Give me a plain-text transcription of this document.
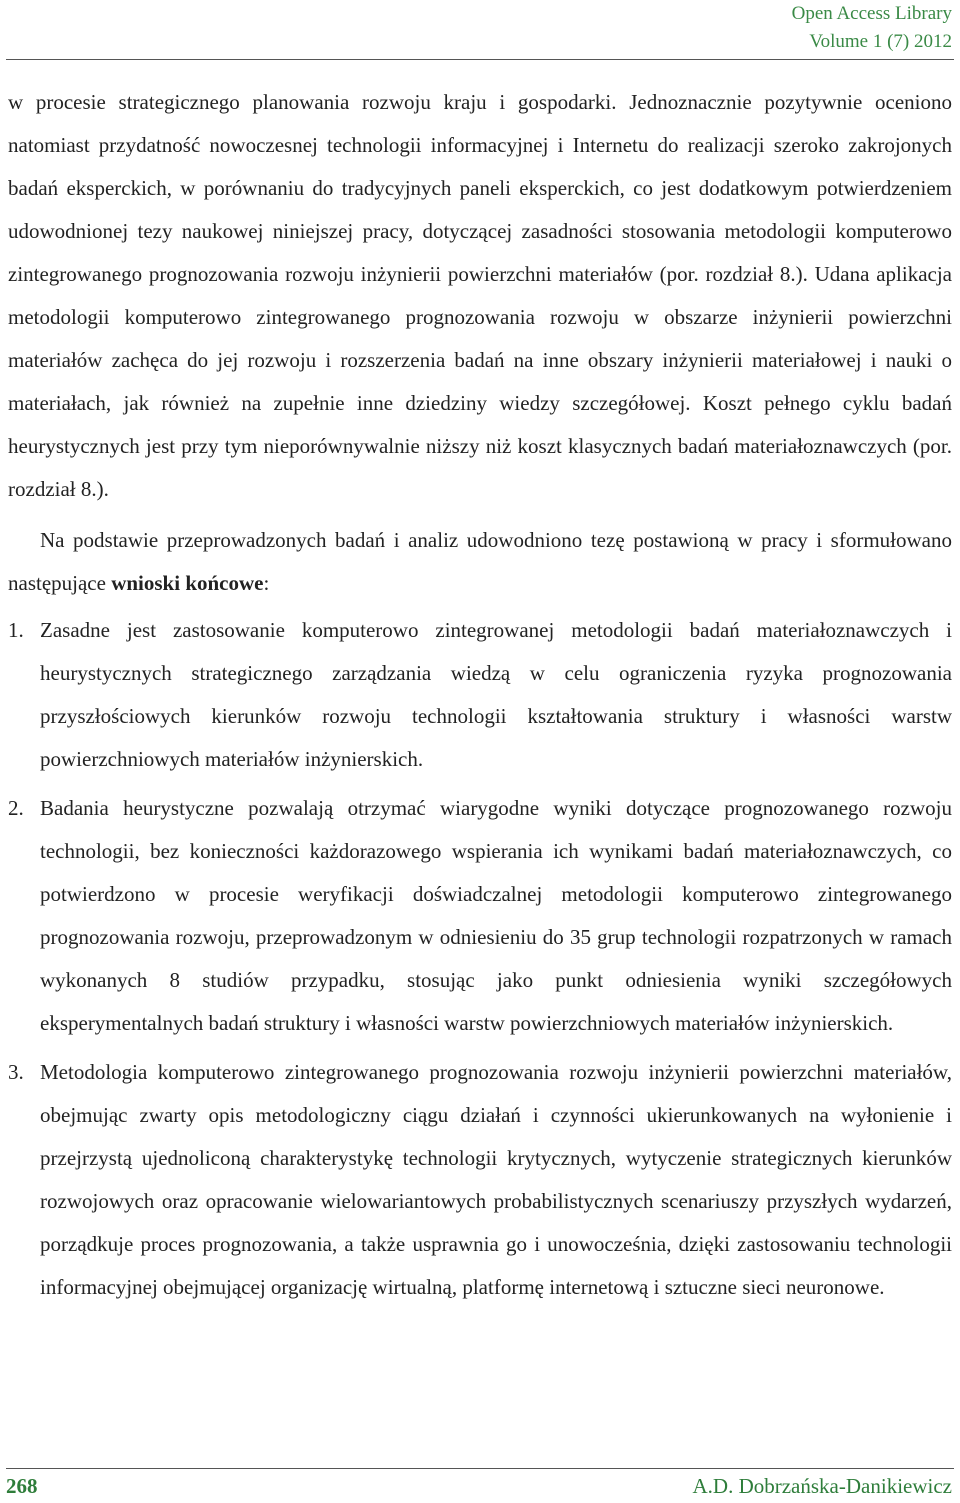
Open Access Library
Volume 1 (7) 2012

w procesie strategicznego planowania rozwoju kraju i gospodarki. Jednoznacznie pozytywnie oceniono natomiast przydatność nowoczesnej technologii informacyjnej i Internetu do realizacji szeroko zakrojonych badań eksperckich, w porównaniu do tradycyjnych paneli eksperckich, co jest dodatkowym potwierdzeniem udowodnionej tezy naukowej niniejszej pracy, dotyczącej zasadności stosowania metodologii komputerowo zintegrowanego prognozowania rozwoju inżynierii powierzchni materiałów (por. rozdział 8.). Udana aplikacja metodologii komputerowo zintegrowanego prognozowania rozwoju w obszarze inżynierii powierzchni materiałów zachęca do jej rozwoju i rozszerzenia badań na inne obszary inżynierii materiałowej i nauki o materiałach, jak również na zupełnie inne dziedziny wiedzy szczegółowej. Koszt pełnego cyklu badań heurystycznych jest przy tym nieporównywalnie niższy niż koszt klasycznych badań materiałoznawczych (por. rozdział 8.).

Na podstawie przeprowadzonych badań i analiz udowodniono tezę postawioną w pracy i sformułowano następujące wnioski końcowe:

1. Zasadne jest zastosowanie komputerowo zintegrowanej metodologii badań materiałoznawczych i heurystycznych strategicznego zarządzania wiedzą w celu ograniczenia ryzyka prognozowania przyszłościowych kierunków rozwoju technologii kształtowania struktury i własności warstw powierzchniowych materiałów inżynierskich.
2. Badania heurystyczne pozwalają otrzymać wiarygodne wyniki dotyczące prognozowanego rozwoju technologii, bez konieczności każdorazowego wspierania ich wynikami badań materiałoznawczych, co potwierdzono w procesie weryfikacji doświadczalnej metodologii komputerowo zintegrowanego prognozowania rozwoju, przeprowadzonym w odniesieniu do 35 grup technologii rozpatrzonych w ramach wykonanych 8 studiów przypadku, stosując jako punkt odniesienia wyniki szczegółowych eksperymentalnych badań struktury i własności warstw powierzchniowych materiałów inżynierskich.
3. Metodologia komputerowo zintegrowanego prognozowania rozwoju inżynierii powierzchni materiałów, obejmując zwarty opis metodologiczny ciągu działań i czynności ukierunkowanych na wyłonienie i przejrzystą ujednoliconą charakterystykę technologii krytycznych, wytyczenie strategicznych kierunków rozwojowych oraz opracowanie wielowariantowych probabilistycznych scenariuszy przyszłych wydarzeń, porządkuje proces prognozowania, a także usprawnia go i unowocześnia, dzięki zastosowaniu technologii informacyjnej obejmującej organizację wirtualną, platformę internetową i sztuczne sieci neuronowe.
268	A.D. Dobrzańska-Danikiewicz
